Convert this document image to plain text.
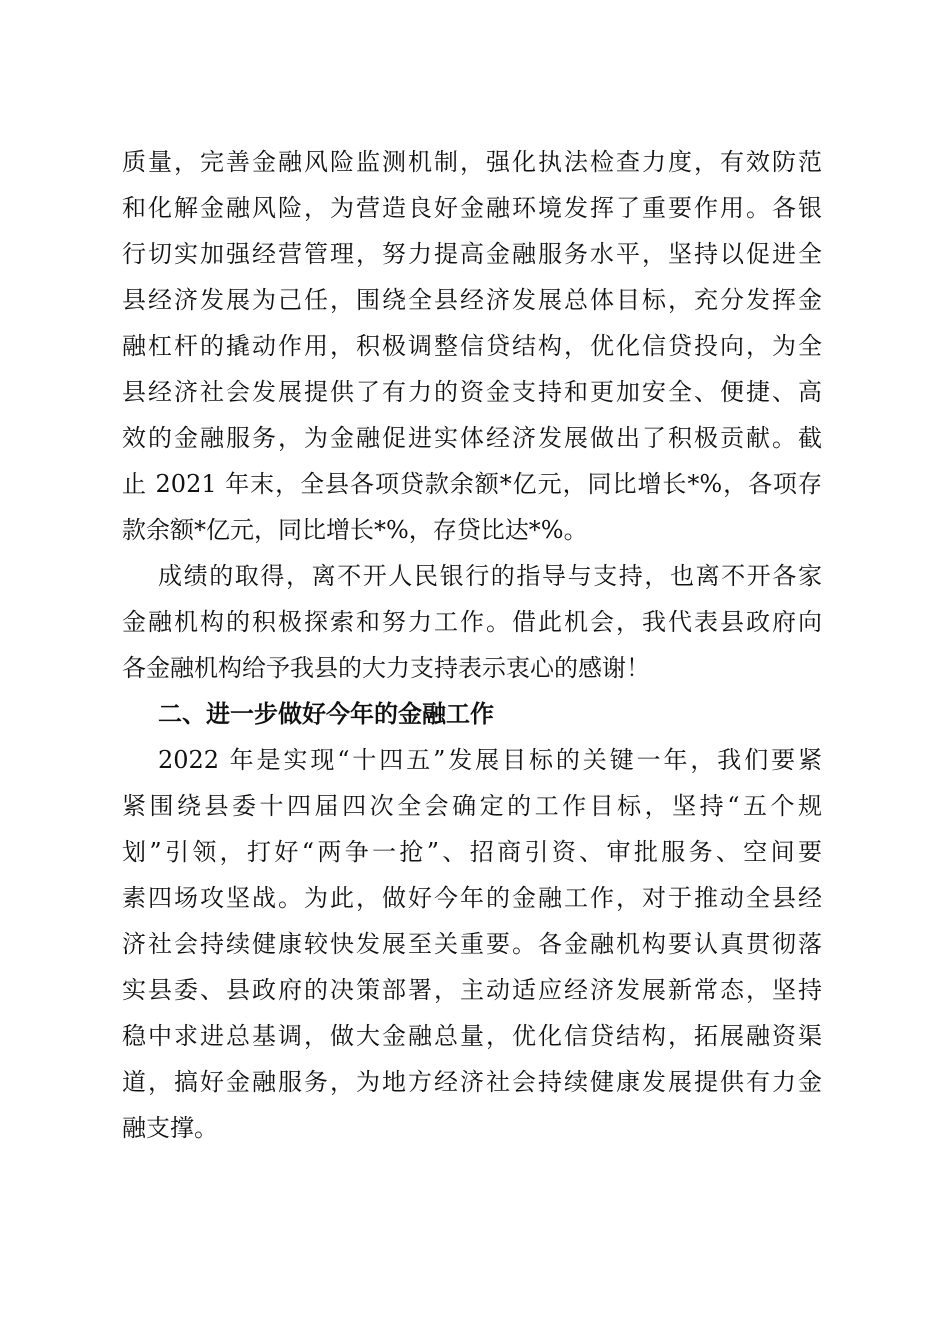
质量，完善金融风险监测机制，强化执法检查力度，有效防范
和化解金融风险，为营造良好金融环境发挥了重要作用。各银
行切实加强经营管理，努力提高金融服务水平，坚持以促进全
县经济发展为己任，围绕全县经济发展总体目标，充分发挥金
融杠杆的撬动作用，积极调整信贷结构，优化信贷投向，为全
县经济社会发展提供了有力的资金支持和更加安全、便捷、高
效的金融服务，为金融促进实体经济发展做出了积极贡献。截
止 2021 年末，全县各项贷款余额*亿元，同比增长*%，各项存
款余额*亿元，同比增长*%，存贷比达*%。
成绩的取得，离不开人民银行的指导与支持，也离不开各家
金融机构的积极探索和努力工作。借此机会，我代表县政府向
各金融机构给予我县的大力支持表示衷心的感谢！
二、进一步做好今年的金融工作
2022 年是实现“十四五”发展目标的关键一年，我们要紧
紧围绕县委十四届四次全会确定的工作目标，坚持“五个规
划”引领，打好“两争一抢”、招商引资、审批服务、空间要
素四场攻坚战。为此，做好今年的金融工作，对于推动全县经
济社会持续健康较快发展至关重要。各金融机构要认真贯彻落
实县委、县政府的决策部署，主动适应经济发展新常态，坚持
稳中求进总基调，做大金融总量，优化信贷结构，拓展融资渠
道，搞好金融服务，为地方经济社会持续健康发展提供有力金
融支撑。
